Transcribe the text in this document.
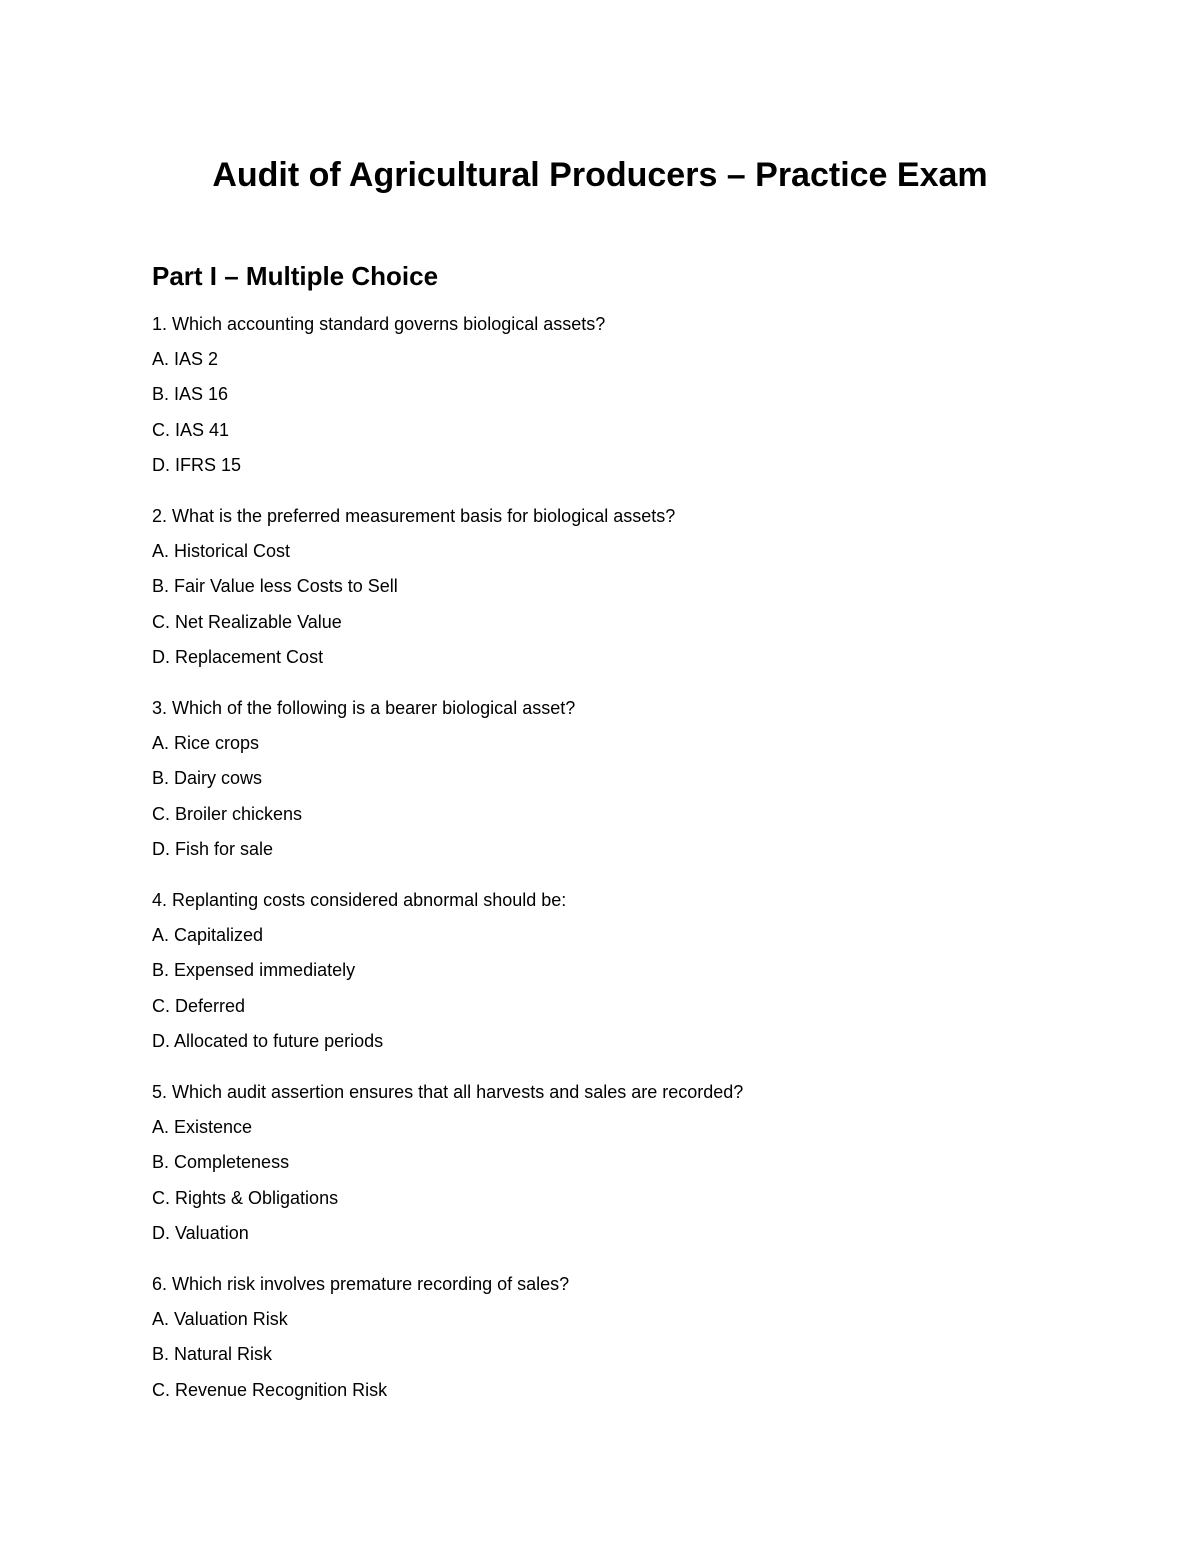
Audit of Agricultural Producers – Practice Exam
Part I – Multiple Choice

1. Which accounting standard governs biological assets?

A. IAS 2

B. IAS 16

C. IAS 41

D. IFRS 15

2. What is the preferred measurement basis for biological assets?

A. Historical Cost

B. Fair Value less Costs to Sell

C. Net Realizable Value

D. Replacement Cost

3. Which of the following is a bearer biological asset?

A. Rice crops

B. Dairy cows

C. Broiler chickens

D. Fish for sale

4. Replanting costs considered abnormal should be:

A. Capitalized

B. Expensed immediately

C. Deferred

D. Allocated to future periods

5. Which audit assertion ensures that all harvests and sales are recorded?

A. Existence

B. Completeness

C. Rights & Obligations

D. Valuation

6. Which risk involves premature recording of sales?

A. Valuation Risk

B. Natural Risk

C. Revenue Recognition Risk
